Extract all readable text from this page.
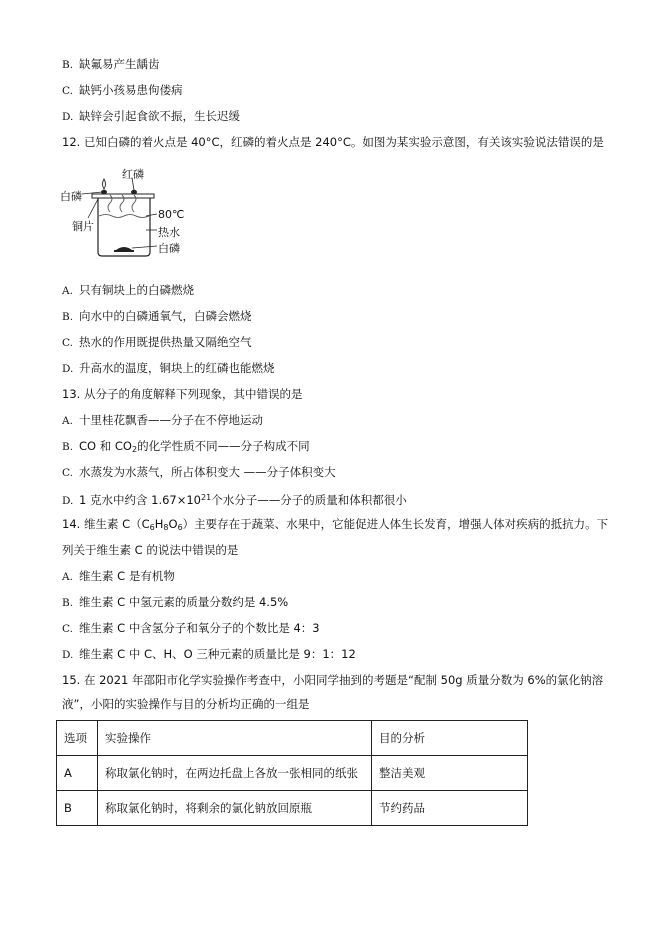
B. 缺氟易产生龋齿
C. 缺钙小孩易患佝偻病
D. 缺锌会引起食欲不振，生长迟缓
12. 已知白磷的着火点是 40°C，红磷的着火点是 240°C。如图为某实验示意图，有关该实验说法错误的是
红磷
白磷
铜片
80℃
热水
白磷
A. 只有铜块上的白磷燃烧
B. 向水中的白磷通氧气，白磷会燃烧
C. 热水的作用既提供热量又隔绝空气
D. 升高水的温度，铜块上的红磷也能燃烧
13. 从分子的角度解释下列现象，其中错误的是
A. 十里桂花飘香——分子在不停地运动
B. CO 和 $CO_2$的化学性质不同——分子构成不同
C. 水蒸发为水蒸气，所占体积变大 ——分子体积变大
D. 1 克水中约含 $1.67\times 10^{21}$个水分子——分子的质量和体积都很小
14. 维生素 $C(C_6H_8O_6)$主要存在于蔬菜、水果中，它能促进人体生长发育，增强人体对疾病的抵抗力。下
列关于维生素 C 的说法中错误的是
A. 维生素 C 是有机物
B. 维生素 C 中氢元素的质量分数约是 4.5%
C. 维生素 C 中含氢分子和氧分子的个数比是 4：3
D. 维生素 C 中 C、H、O 三种元素的质量比是 9：1：12
15. 在 2021 年邵阳市化学实验操作考查中，小阳同学抽到的考题是“配制 50g 质量分数为 6%的氯化钠溶
液”，小阳的实验操作与目的分析均正确的一组是
选项	实验操作	目的分析
A	称取氯化钠时，在两边托盘上各放一张相同的纸张	整洁美观
B	称取氯化钠时，将剩余的氯化钠放回原瓶	节约药品
